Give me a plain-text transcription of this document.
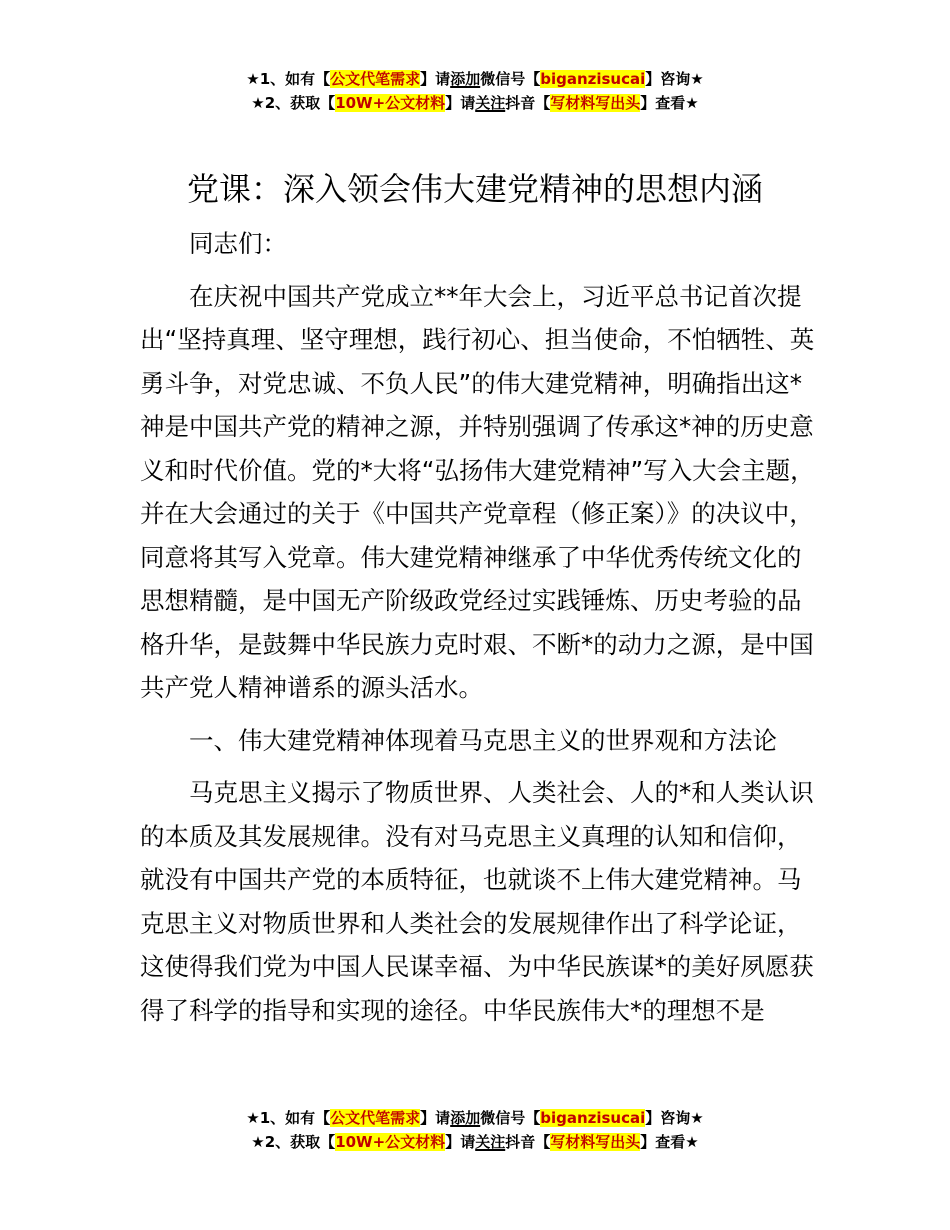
★1、如有【公文代笔需求】请添加微信号【biganzisucai】咨询★
★2、获取【10W+公文材料】请关注抖音【写材料写出头】查看★
党课：深入领会伟大建党精神的思想内涵

同志们：

在庆祝中国共产党成立**年大会上，习近平总书记首次提出“坚持真理、坚守理想，践行初心、担当使命，不怕牺牲、英勇斗争，对党忠诚、不负人民”的伟大建党精神，明确指出这*神是中国共产党的精神之源，并特别强调了传承这*神的历史意义和时代价值。党的*大将“弘扬伟大建党精神”写入大会主题，并在大会通过的关于《中国共产党章程（修正案）》的决议中，同意将其写入党章。伟大建党精神继承了中华优秀传统文化的思想精髓，是中国无产阶级政党经过实践锤炼、历史考验的品格升华，是鼓舞中华民族力克时艰、不断*的动力之源，是中国共产党人精神谱系的源头活水。

一、伟大建党精神体现着马克思主义的世界观和方法论

马克思主义揭示了物质世界、人类社会、人的*和人类认识的本质及其发展规律。没有对马克思主义真理的认知和信仰，就没有中国共产党的本质特征，也就谈不上伟大建党精神。马克思主义对物质世界和人类社会的发展规律作出了科学论证，这使得我们党为中国人民谋幸福、为中华民族谋*的美好夙愿获得了科学的指导和实现的途径。中华民族伟大*的理想不是

★1、如有【公文代笔需求】请添加微信号【biganzisucai】咨询★
★2、获取【10W+公文材料】请关注抖音【写材料写出头】查看★
